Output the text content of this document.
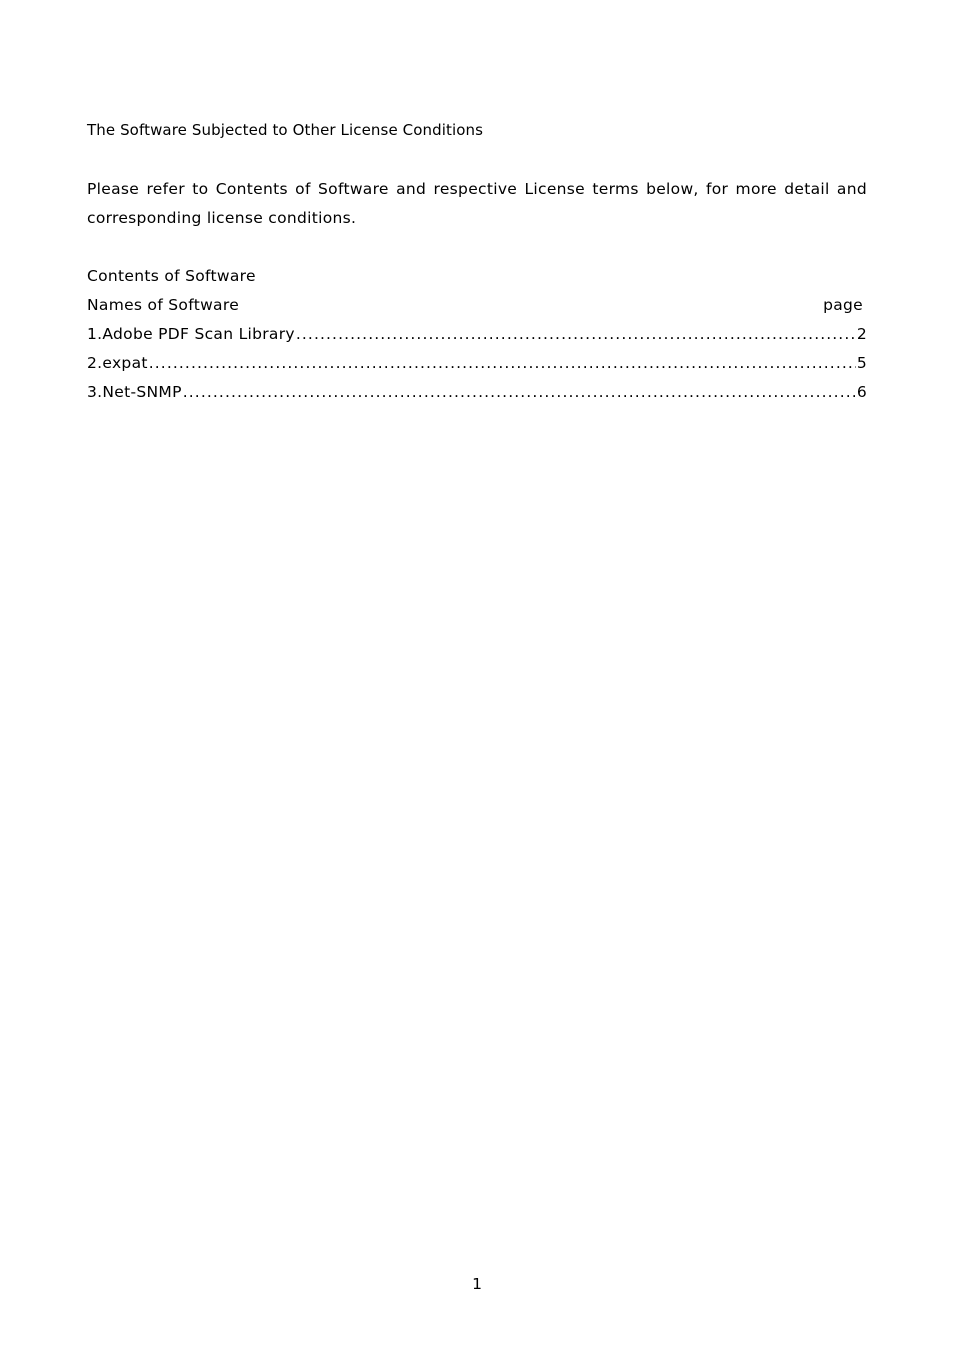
The Software Subjected to Other License Conditions

Please refer to Contents of Software and respective License terms below, for more detail and corresponding license conditions.

Contents of Software
Names of Software	page
1.Adobe PDF Scan Library .....	2
2.expat .....	5
3.Net-SNMP .....	6
1
